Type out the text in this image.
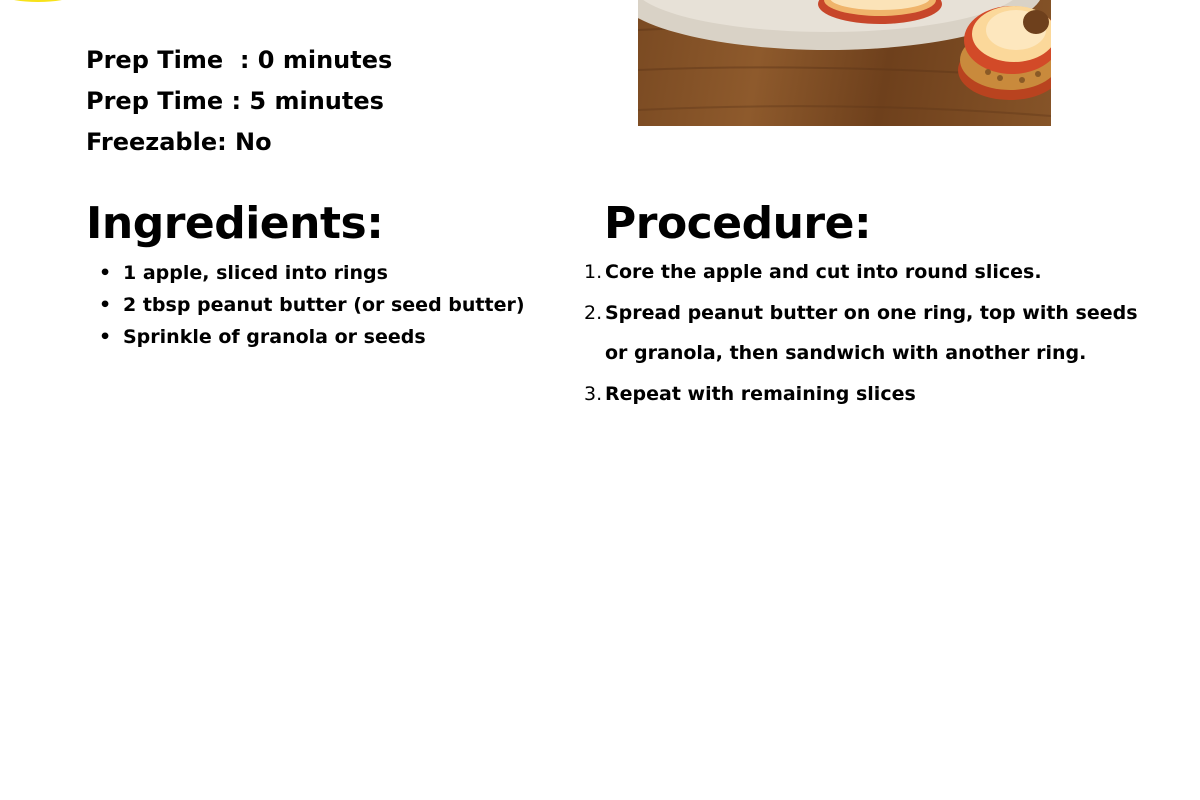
Prep Time  : 0 minutes
Prep Time : 5 minutes
Freezable: No
Ingredients:
• 1 apple, sliced into rings
• 2 tbsp peanut butter (or seed butter)
• Sprinkle of granola or seeds
Procedure:
1. Core the apple and cut into round slices.
2. Spread peanut butter on one ring, top with seeds or granola, then sandwich with another ring.
3. Repeat with remaining slices
